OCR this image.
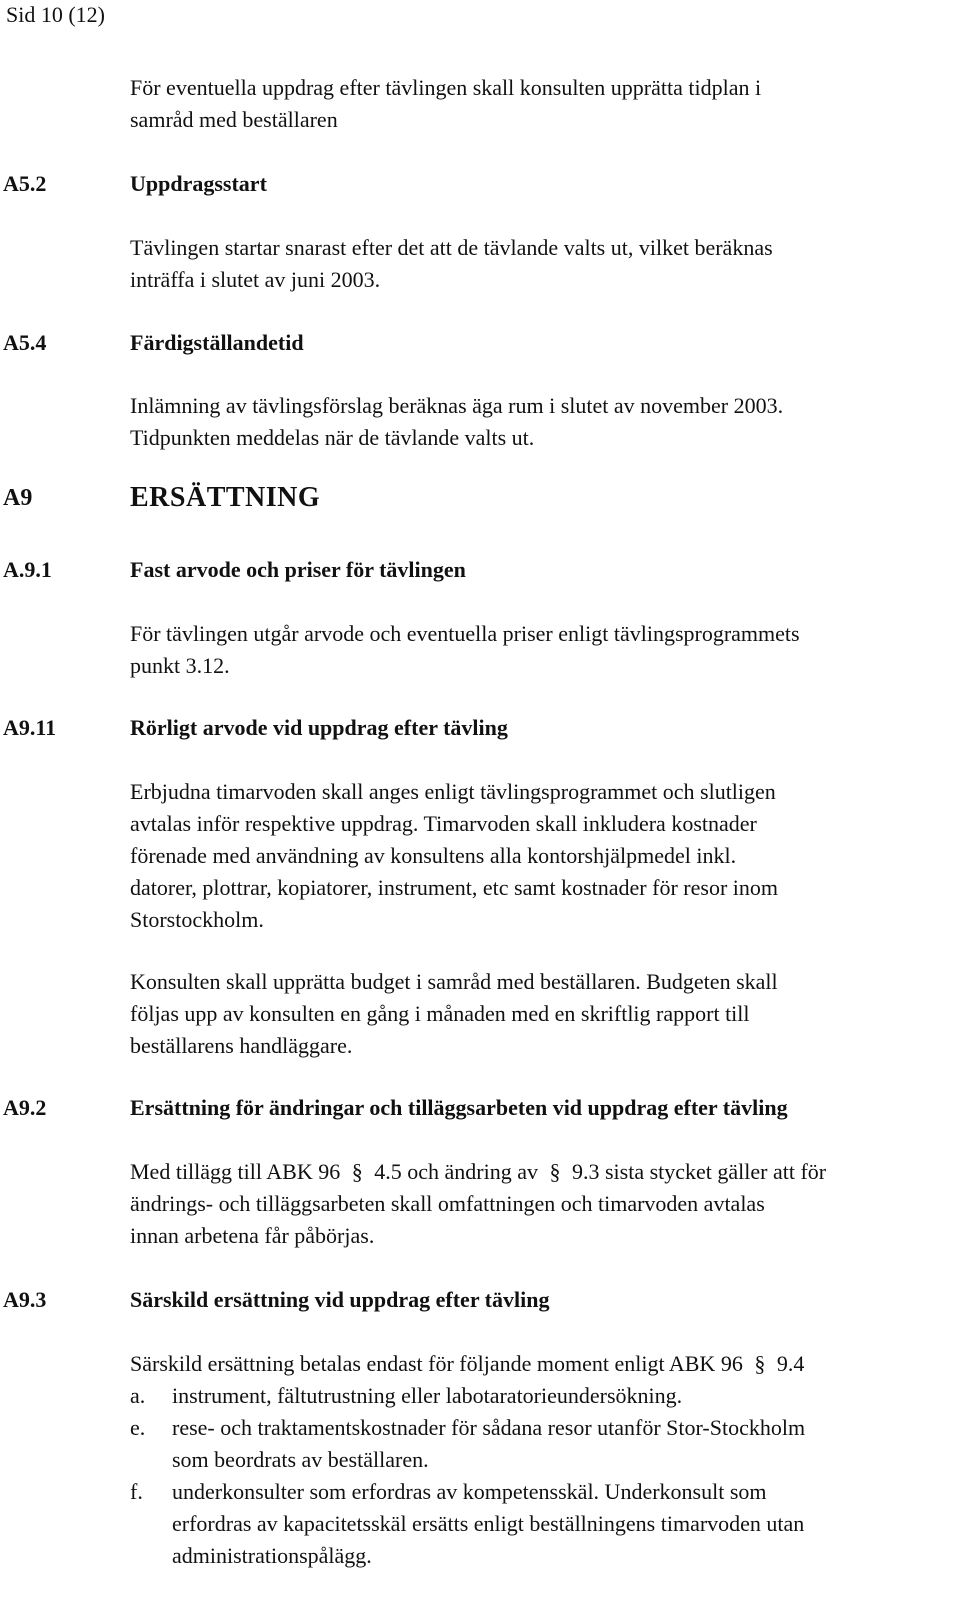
Sid 10 (12)
För eventuella uppdrag efter tävlingen skall konsulten upprätta tidplan i
samråd med beställaren
A5.2	Uppdragsstart
Tävlingen startar snarast efter det att de tävlande valts ut, vilket beräknas
inträffa i slutet av juni 2003.
A5.4	Färdigställandetid
Inlämning av tävlingsförslag beräknas äga rum i slutet av november 2003.
Tidpunkten meddelas när de tävlande valts ut.
A9	ERSÄTTNING
A.9.1	Fast arvode och priser för tävlingen
För tävlingen utgår arvode och eventuella priser enligt tävlingsprogrammets
punkt 3.12.
A9.11	Rörligt arvode vid uppdrag efter tävling
Erbjudna timarvoden skall anges enligt tävlingsprogrammet och slutligen
avtalas inför respektive uppdrag. Timarvoden skall inkludera kostnader
förenade med användning av konsultens alla kontorshjälpmedel inkl.
datorer, plottrar, kopiatorer, instrument, etc samt kostnader för resor inom
Storstockholm.
Konsulten skall upprätta budget i samråd med beställaren. Budgeten skall
följas upp av konsulten en gång i månaden med en skriftlig rapport till
beställarens handläggare.
A9.2	Ersättning för ändringar och tilläggsarbeten vid uppdrag efter tävling
Med tillägg till ABK 96 § 4.5 och ändring av § 9.3 sista stycket gäller att för
ändrings- och tilläggsarbeten skall omfattningen och timarvoden avtalas
innan arbetena får påbörjas.
A9.3	Särskild ersättning vid uppdrag efter tävling
Särskild ersättning betalas endast för följande moment enligt ABK 96 § 9.4
a. instrument, fältutrustning eller labotaratorieundersökning.
e. rese- och traktamentskostnader för sådana resor utanför Stor-Stockholm
som beordrats av beställaren.
f. underkonsulter som erfordras av kompetensskäl. Underkonsult som
erfordras av kapacitetsskäl ersätts enligt beställningens timarvoden utan
administrationspålägg.
